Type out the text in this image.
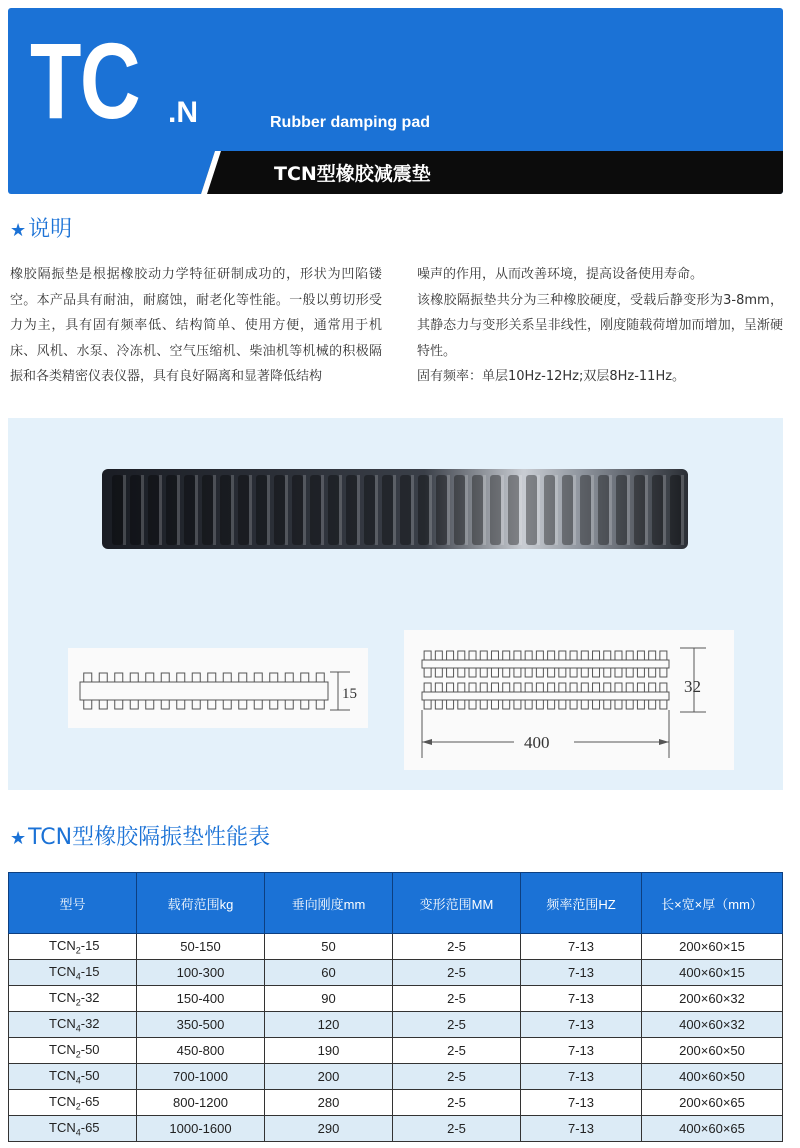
TC .N	Rubber damping pad
TCN型橡胶减震垫
★说明

橡胶隔振垫是根据橡胶动力学特征研制成功的，形状为凹陷镂空。本产品具有耐油，耐腐蚀，耐老化等性能。一般以剪切形受力为主，具有固有频率低、结构简单、使用方便，通常用于机床、风机、水泵、冷冻机、空气压缩机、柴油机等机械的积极隔振和各类精密仪表仪器，具有良好隔离和显著降低结构

噪声的作用，从而改善环境，提高设备使用寿命。

该橡胶隔振垫共分为三种橡胶硬度，受载后静变形为3-8mm，其静态力与变形关系呈非线性，刚度随载荷增加而增加，呈渐硬特性。

固有频率：单层10Hz-12Hz;双层8Hz-11Hz。

15	32
400
★TCN型橡胶隔振垫性能表
型号	载荷范围kg	垂向刚度mm	变形范围MM	频率范围HZ	长×宽×厚（mm）
$TCN_2-15$	50-150	50	2-5	7-13	200×60×15
$TCN_4-15$	100-300	60	2-5	7-13	400×60×15
$TCN_2-32$	150-400	90	2-5	7-13	200×60×32
$TCN_4-32$	350-500	120	2-5	7-13	400×60×32
$TCN_2-50$	450-800	190	2-5	7-13	200×60×50
$TCN_4-50$	700-1000	200	2-5	7-13	400×60×50
$TCN_2-65$	800-1200	280	2-5	7-13	200×60×65
$TCN_4-65$	1000-1600	290	2-5	7-13	400×60×65
